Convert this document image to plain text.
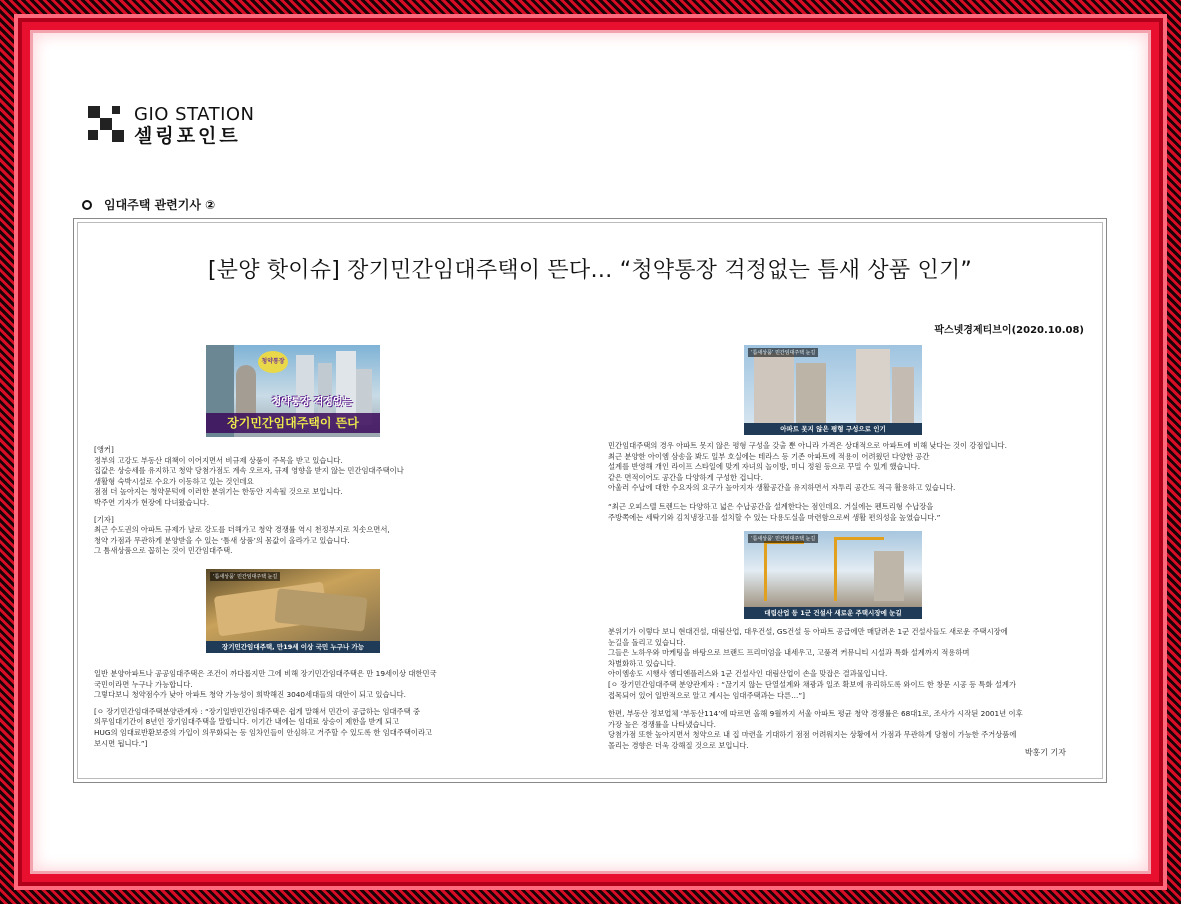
GIO STATION
셀링포인트
임대주택 관련기사 ②
[분양 핫이슈] 장기민간임대주택이 뜬다… “청약통장 걱정없는 틈새 상품 인기”
팍스넷경제티브이(2020.10.08)
청약통장
청약통장 걱정없는
장기민간임대주택이 뜬다

[앵커]
정부의 고강도 부동산 대책이 이어지면서 비규제 상품이 주목을 받고 있습니다.
집값은 상승세를 유지하고 청약 당첨가점도 계속 오르자, 규제 영향을 받지 않는 민간임대주택이나
생활형 숙박시설로 수요가 이동하고 있는 것인데요
점점 더 높아지는 청약문턱에 이러한 분위기는 한동안 지속될 것으로 보입니다.
박주연 기자가 현장에 다녀왔습니다.

[기자]
최근 수도권의 아파트 규제가 날로 강도를 더해가고 청약 경쟁률 역시 천정부지로 치솟으면서,
청약 가점과 무관하게 분양받을 수 있는 ‘틈새 상품’의 몸값이 올라가고 있습니다.
그 틈새상품으로 꼽히는 것이 민간임대주택.

‘틈새상품’ 민간임대주택 눈길
장기민간임대주택, 만19세 이상 국민 누구나 가능

일반 분양아파트나 공공임대주택은 조건이 까다롭지만 그에 비해 장기민간임대주택은 만 19세이상 대한민국
국민이라면 누구나 가능합니다.
그렇다보니 청약점수가 낮아 아파트 청약 가능성이 희박해진 3040세대들의 대안이 되고 있습니다.

[ㅇ 장기민간임대주택분양관계자 : “장기일반민간임대주택은 쉽게 말해서 민간이 공급하는 임대주택 중
의무임대기간이 8년인 장기임대주택을 말합니다. 이기간 내에는 임대료 상승이 제한을 받게 되고
HUG의 임대료반환보증의 가입이 의무화되는 등 임차인들이 안심하고 거주할 수 있도록 한 임대주택이라고
보시면 됩니다.”]

‘틈새상품’ 민간임대주택 눈길
아파트 못지 않은 평형 구성으로 인기

민간임대주택의 경우 아파트 못지 않은 평형 구성을 갖출 뿐 아니라 가격은 상대적으로 아파트에 비해 낮다는 것이 강점입니다.
최근 분양한 아이엠 삼송을 봐도 일부 호실에는 테라스 등 기존 아파트에 적용이 어려웠던 다양한 공간
설계를 반영해 개인 라이프 스타일에 맞게 자녀의 놀이방, 미니 정원 등으로 꾸밀 수 있게 했습니다.
같은 면적이어도 공간을 다양하게 구성한 겁니다.
아울러 수납에 대한 수요자의 요구가 높아지자 생활공간을 유지하면서 자투리 공간도 적극 활용하고 있습니다.

“최근 오피스텔 트렌드는 다양하고 넓은 수납공간을 설계한다는 점인데요. 거실에는 펜트리형 수납장을
주방쪽에는 세탁기와 김치냉장고를 설치할 수 있는 다용도실을 마련함으로써 생활 편의성을 높였습니다.”

‘틈새상품’ 민간임대주택 눈길
대림산업 등 1군 건설사 새로운 주택시장에 눈길

분위기가 이렇다 보니 현대건설, 대림산업, 대우건설, GS건설 등 아파트 공급에만 매달려온 1군 건설사들도 새로운 주택시장에
눈길을 돌리고 있습니다.
그들은 노하우와 마케팅을 바탕으로 브랜드 프리미엄을 내세우고, 고품격 커뮤니티 시설과 특화 설계까지 적용하며
차별화하고 있습니다.
아이엠송도 시행사 엠디엔플러스와 1군 건설사인 대림산업이 손을 맞잡은 결과물입니다.
[ㅇ 장기민간임대주택 분양관계자 : “끊기지 않는 단열설계와 채광과 일조 확보에 유리하도록 와이드 한 창문 시공 등 특화 설계가
접목되어 있어 일반적으로 알고 계시는 임대주택과는 다른…”]

한편, 부동산 정보업체 ‘부동산114’에 따르면 올해 9월까지 서울 아파트 평균 청약 경쟁률은 68대1로, 조사가 시작된 2001년 이후
가장 높은 경쟁률을 나타냈습니다.
당첨가점 또한 높아지면서 청약으로 내 집 마련을 기대하기 점점 어려워지는 상황에서 가점과 무관하게 당첨이 가능한 주거상품에
몰리는 경향은 더욱 강해질 것으로 보입니다.

박홍기 기자
